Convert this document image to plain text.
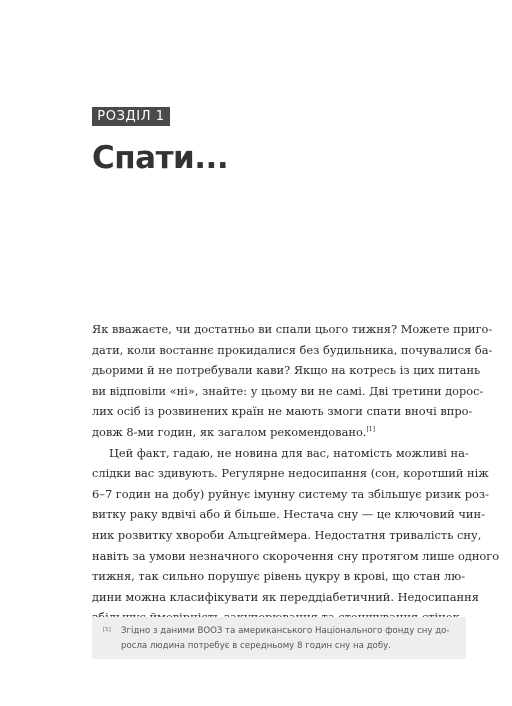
РОЗДІЛ 1
Спати...
Як вважаєте, чи достатньо ви спали цього тижня? Можете приго-
дати, коли востаннє прокидалися без будильника, почувалися ба-
дьорими й не потребували кави? Якщо на котресь із цих питань
ви відповіли «ні», знайте: у цьому ви не самі. Дві третини дорос-
лих осіб із розвинених країн не мають змоги спати вночі впро-
довж 8-ми годин, як загалом рекомендовано.[1]
Цей факт, гадаю, не новина для вас, натомість можливі на-
слідки вас здивують. Регулярне недосипання (сон, коротший ніж
6–7 годин на добу) руйнує імунну систему та збільшує ризик роз-
витку раку вдвічі або й більше. Нестача сну — це ключовий чин-
ник розвитку хвороби Альцгеймера. Недостатня тривалість сну,
навіть за умови незначного скорочення сну протягом лише одного
тижня, так сильно порушує рівень цукру в крові, що стан лю-
дини можна класифікувати як переддіабетичний. Недосипання
[1] Згідно з даними ВООЗ та американського Національного фонду сну до-
росла людина потребує в середньому 8 годин сну на добу.
